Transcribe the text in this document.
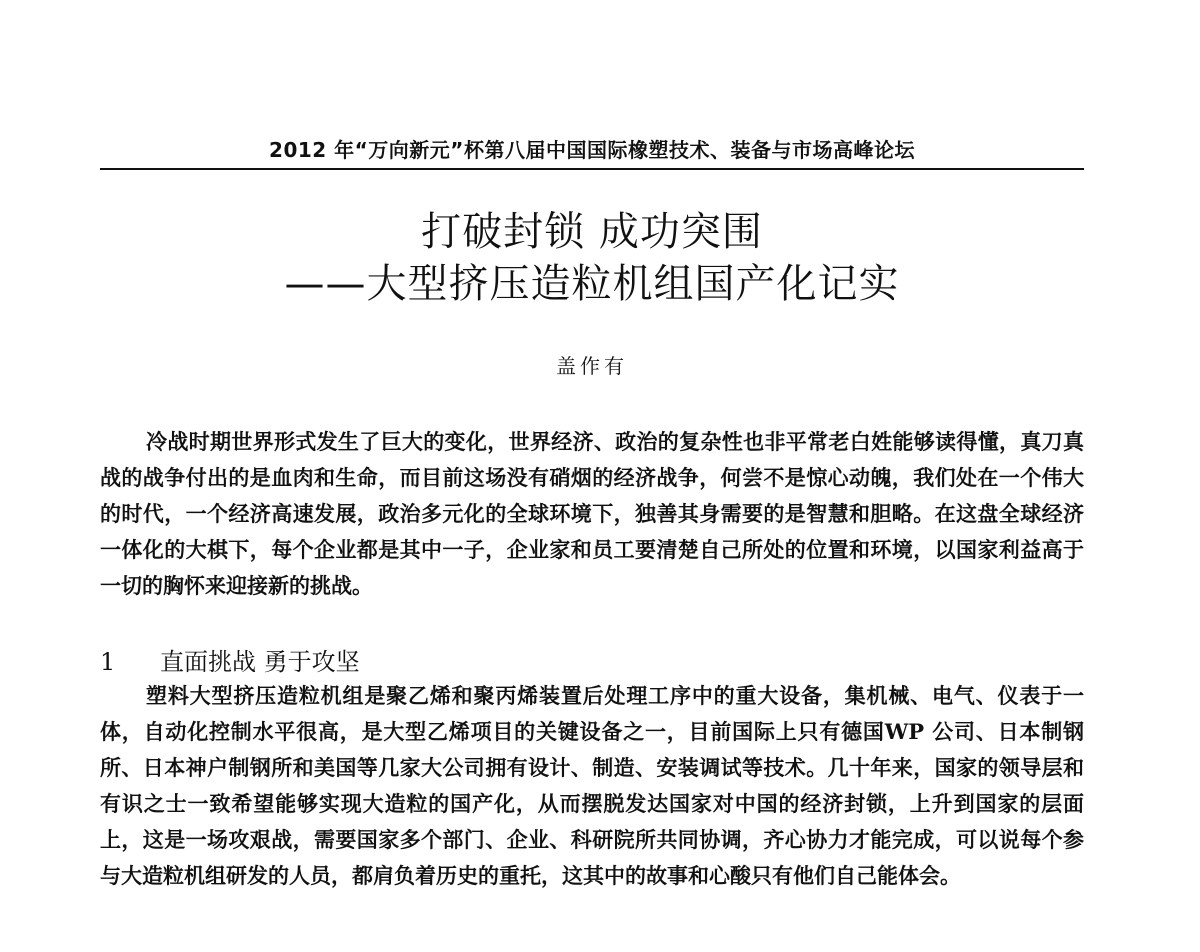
2012 年“万向新元”杯第八届中国国际橡塑技术、装备与市场高峰论坛
打破封锁 成功突围
——大型挤压造粒机组国产化记实
盖作有

冷战时期世界形式发生了巨大的变化，世界经济、政治的复杂性也非平常老白姓能够读得懂，真刀真战的战争付出的是血肉和生命，而目前这场没有硝烟的经济战争，何尝不是惊心动魄，我们处在一个伟大的时代，一个经济高速发展，政治多元化的全球环境下，独善其身需要的是智慧和胆略。在这盘全球经济一体化的大棋下，每个企业都是其中一子，企业家和员工要清楚自己所处的位置和环境，以国家利益高于一切的胸怀来迎接新的挑战。

1 直面挑战 勇于攻坚

塑料大型挤压造粒机组是聚乙烯和聚丙烯装置后处理工序中的重大设备，集机械、电气、仪表于一体，自动化控制水平很高，是大型乙烯项目的关键设备之一，目前国际上只有德国WP 公司、日本制钢所、日本神户制钢所和美国等几家大公司拥有设计、制造、安装调试等技术。几十年来，国家的领导层和有识之士一致希望能够实现大造粒的国产化，从而摆脱发达国家对中国的经济封锁，上升到国家的层面上，这是一场攻艰战，需要国家多个部门、企业、科研院所共同协调，齐心协力才能完成，可以说每个参与大造粒机组研发的人员，都肩负着历史的重托，这其中的故事和心酸只有他们自己能体会。
